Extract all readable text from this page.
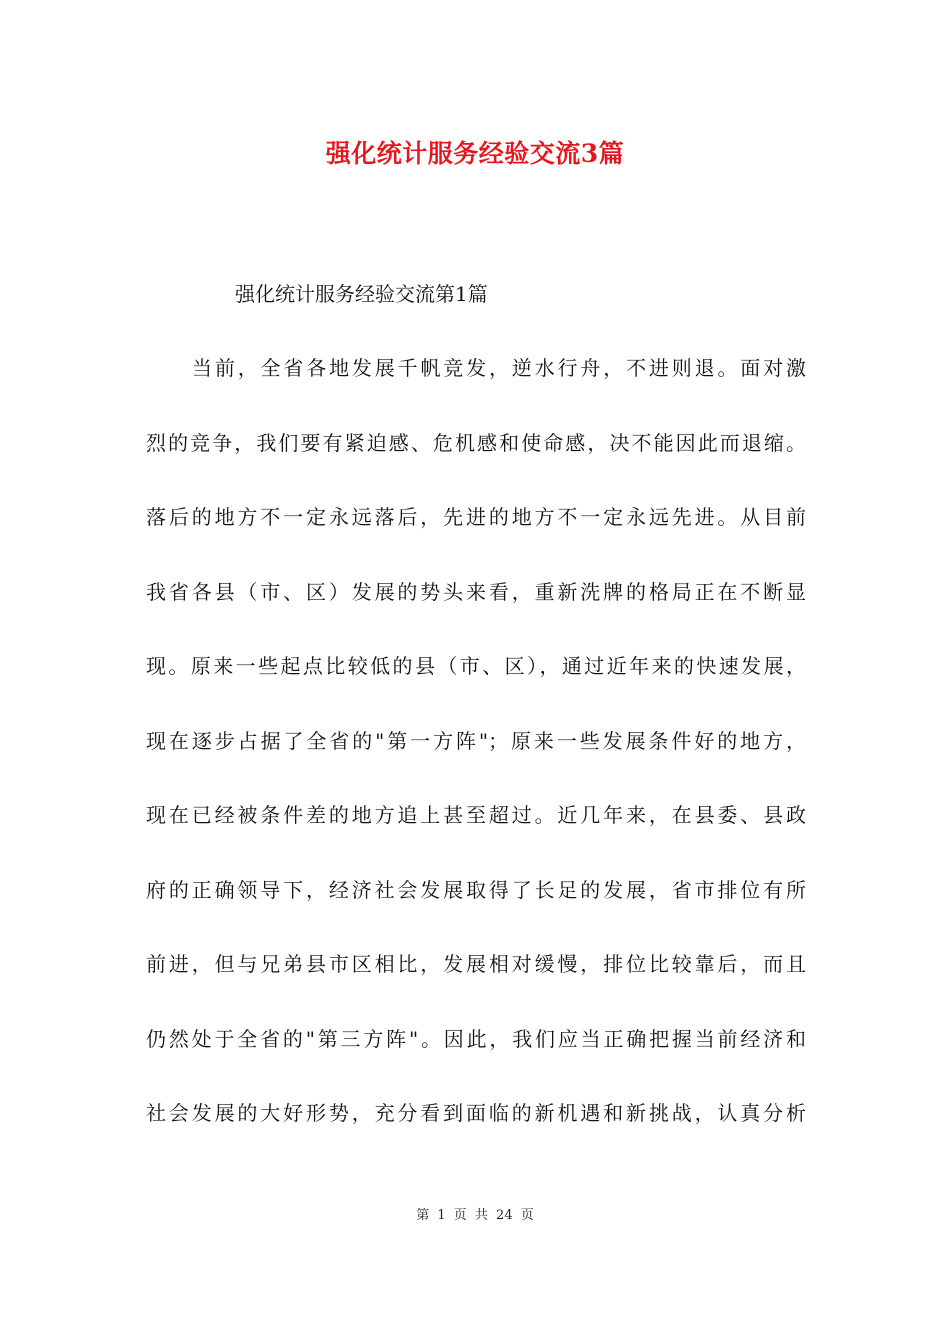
强化统计服务经验交流3篇
强化统计服务经验交流第1篇
当前，全省各地发展千帆竞发，逆水行舟，不进则退。面对激
烈的竞争，我们要有紧迫感、危机感和使命感，决不能因此而退缩。
落后的地方不一定永远落后，先进的地方不一定永远先进。从目前
我省各县（市、区）发展的势头来看，重新洗牌的格局正在不断显
现。原来一些起点比较低的县（市、区），通过近年来的快速发展，
现在逐步占据了全省的"第一方阵"；原来一些发展条件好的地方，
现在已经被条件差的地方追上甚至超过。近几年来，在县委、县政
府的正确领导下，经济社会发展取得了长足的发展，省市排位有所
前进，但与兄弟县市区相比，发展相对缓慢，排位比较靠后，而且
仍然处于全省的"第三方阵"。因此，我们应当正确把握当前经济和
社会发展的大好形势，充分看到面临的新机遇和新挑战，认真分析
第 1 页 共 24 页
